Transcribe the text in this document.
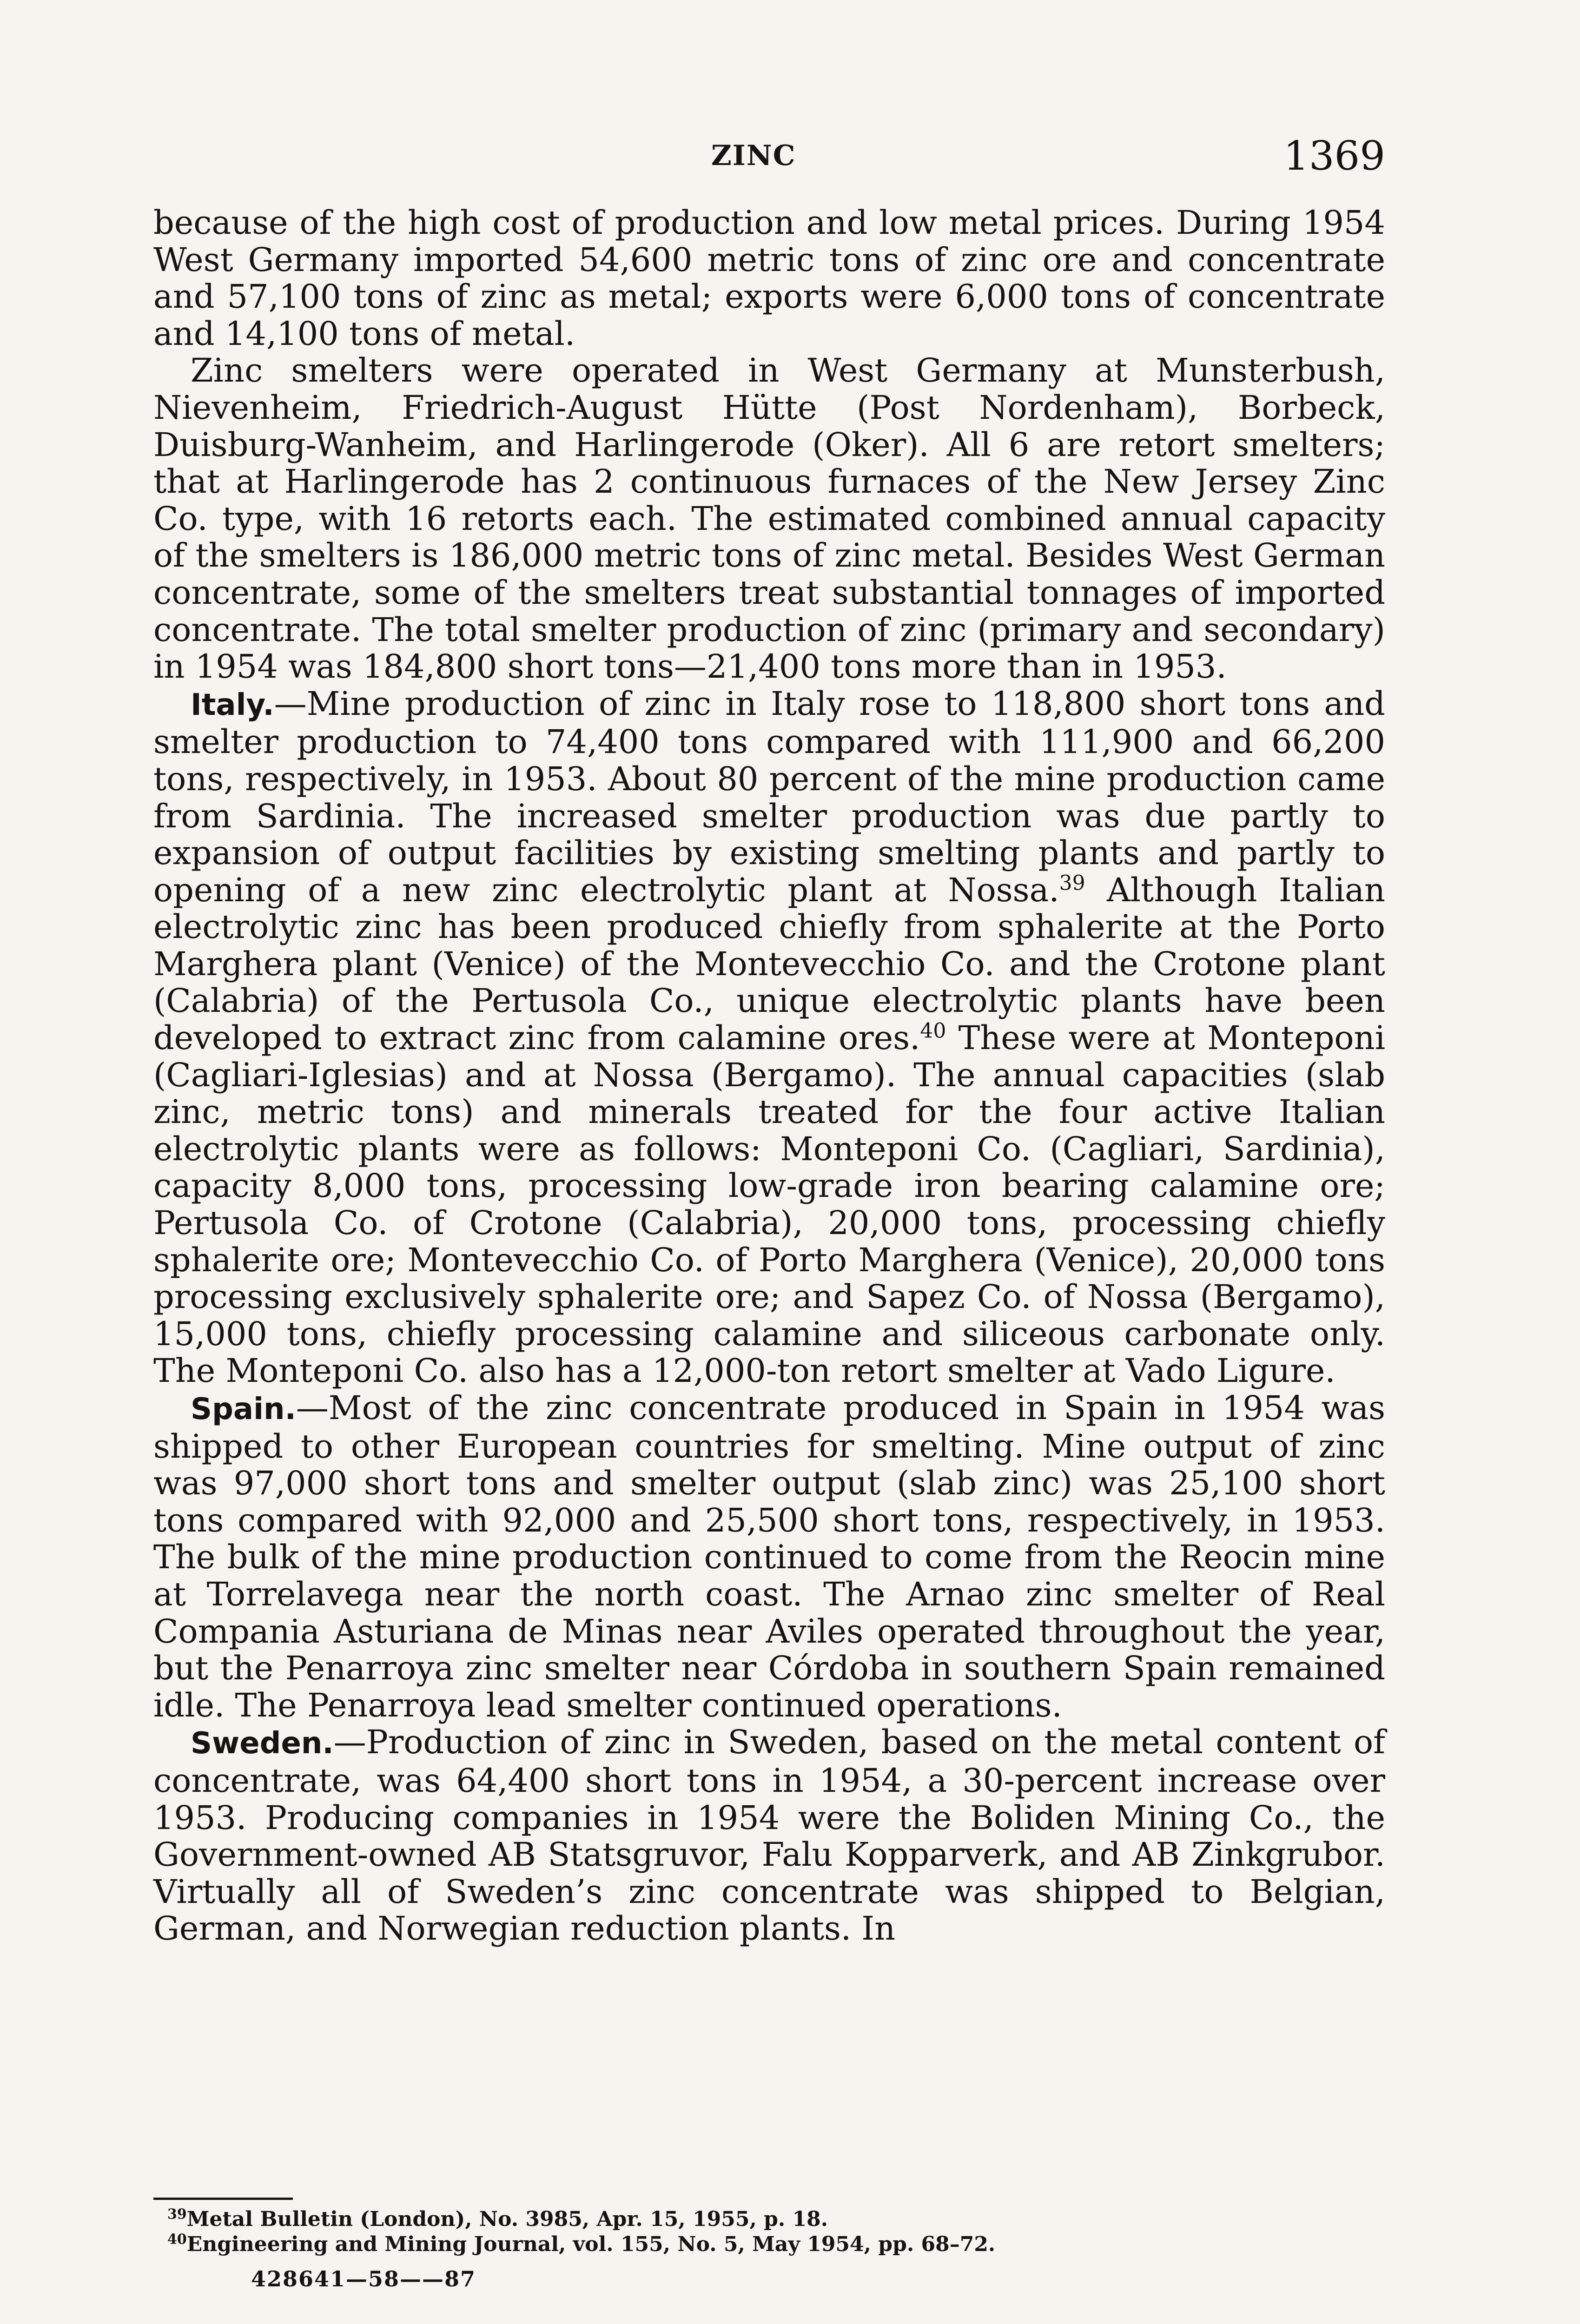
ZINC	1369

because of the high cost of production and low metal prices. During 1954 West Germany imported 54,600 metric tons of zinc ore and concentrate and 57,100 tons of zinc as metal; exports were 6,000 tons of concentrate and 14,100 tons of metal.

Zinc smelters were operated in West Germany at Munsterbush, Nievenheim, Friedrich-August Hütte (Post Nordenham), Borbeck, Duisburg-Wanheim, and Harlingerode (Oker). All 6 are retort smelters; that at Harlingerode has 2 continuous furnaces of the New Jersey Zinc Co. type, with 16 retorts each. The estimated combined annual capacity of the smelters is 186,000 metric tons of zinc metal. Besides West German concentrate, some of the smelters treat substantial tonnages of imported concentrate. The total smelter production of zinc (primary and secondary) in 1954 was 184,800 short tons—21,400 tons more than in 1953.

Italy.—Mine production of zinc in Italy rose to 118,800 short tons and smelter production to 74,400 tons compared with 111,900 and 66,200 tons, respectively, in 1953. About 80 percent of the mine production came from Sardinia. The increased smelter production was due partly to expansion of output facilities by existing smelting plants and partly to opening of a new zinc electrolytic plant at Nossa.$^{39}$ Although Italian electrolytic zinc has been produced chiefly from sphalerite at the Porto Marghera plant (Venice) of the Montevecchio Co. and the Crotone plant (Calabria) of the Pertusola Co., unique electrolytic plants have been developed to extract zinc from calamine ores.$^{40}$ These were at Monteponi (Cagliari-Iglesias) and at Nossa (Bergamo). The annual capacities (slab zinc, metric tons) and minerals treated for the four active Italian electrolytic plants were as follows: Monteponi Co. (Cagliari, Sardinia), capacity 8,000 tons, processing low-grade iron bearing calamine ore; Pertusola Co. of Crotone (Calabria), 20,000 tons, processing chiefly sphalerite ore; Montevecchio Co. of Porto Marghera (Venice), 20,000 tons processing exclusively sphalerite ore; and Sapez Co. of Nossa (Bergamo), 15,000 tons, chiefly processing calamine and siliceous carbonate only. The Monteponi Co. also has a 12,000-ton retort smelter at Vado Ligure.

Spain.—Most of the zinc concentrate produced in Spain in 1954 was shipped to other European countries for smelting. Mine output of zinc was 97,000 short tons and smelter output (slab zinc) was 25,100 short tons compared with 92,000 and 25,500 short tons, respectively, in 1953. The bulk of the mine production continued to come from the Reocin mine at Torrelavega near the north coast. The Arnao zinc smelter of Real Compania Asturiana de Minas near Aviles operated throughout the year, but the Penarroya zinc smelter near Córdoba in southern Spain remained idle. The Penarroya lead smelter continued operations.

Sweden.—Production of zinc in Sweden, based on the metal content of concentrate, was 64,400 short tons in 1954, a 30-percent increase over 1953. Producing companies in 1954 were the Boliden Mining Co., the Government-owned AB Statsgruvor, Falu Kopparverk, and AB Zinkgrubor. Virtually all of Sweden’s zinc concentrate was shipped to Belgian, German, and Norwegian reduction plants. In

$^{39}$Metal Bulletin (London), No. 3985, Apr. 15, 1955, p. 18.

$^{40}$Engineering and Mining Journal, vol. 155, No. 5, May 1954, pp. 68–72.

428641—58——87
